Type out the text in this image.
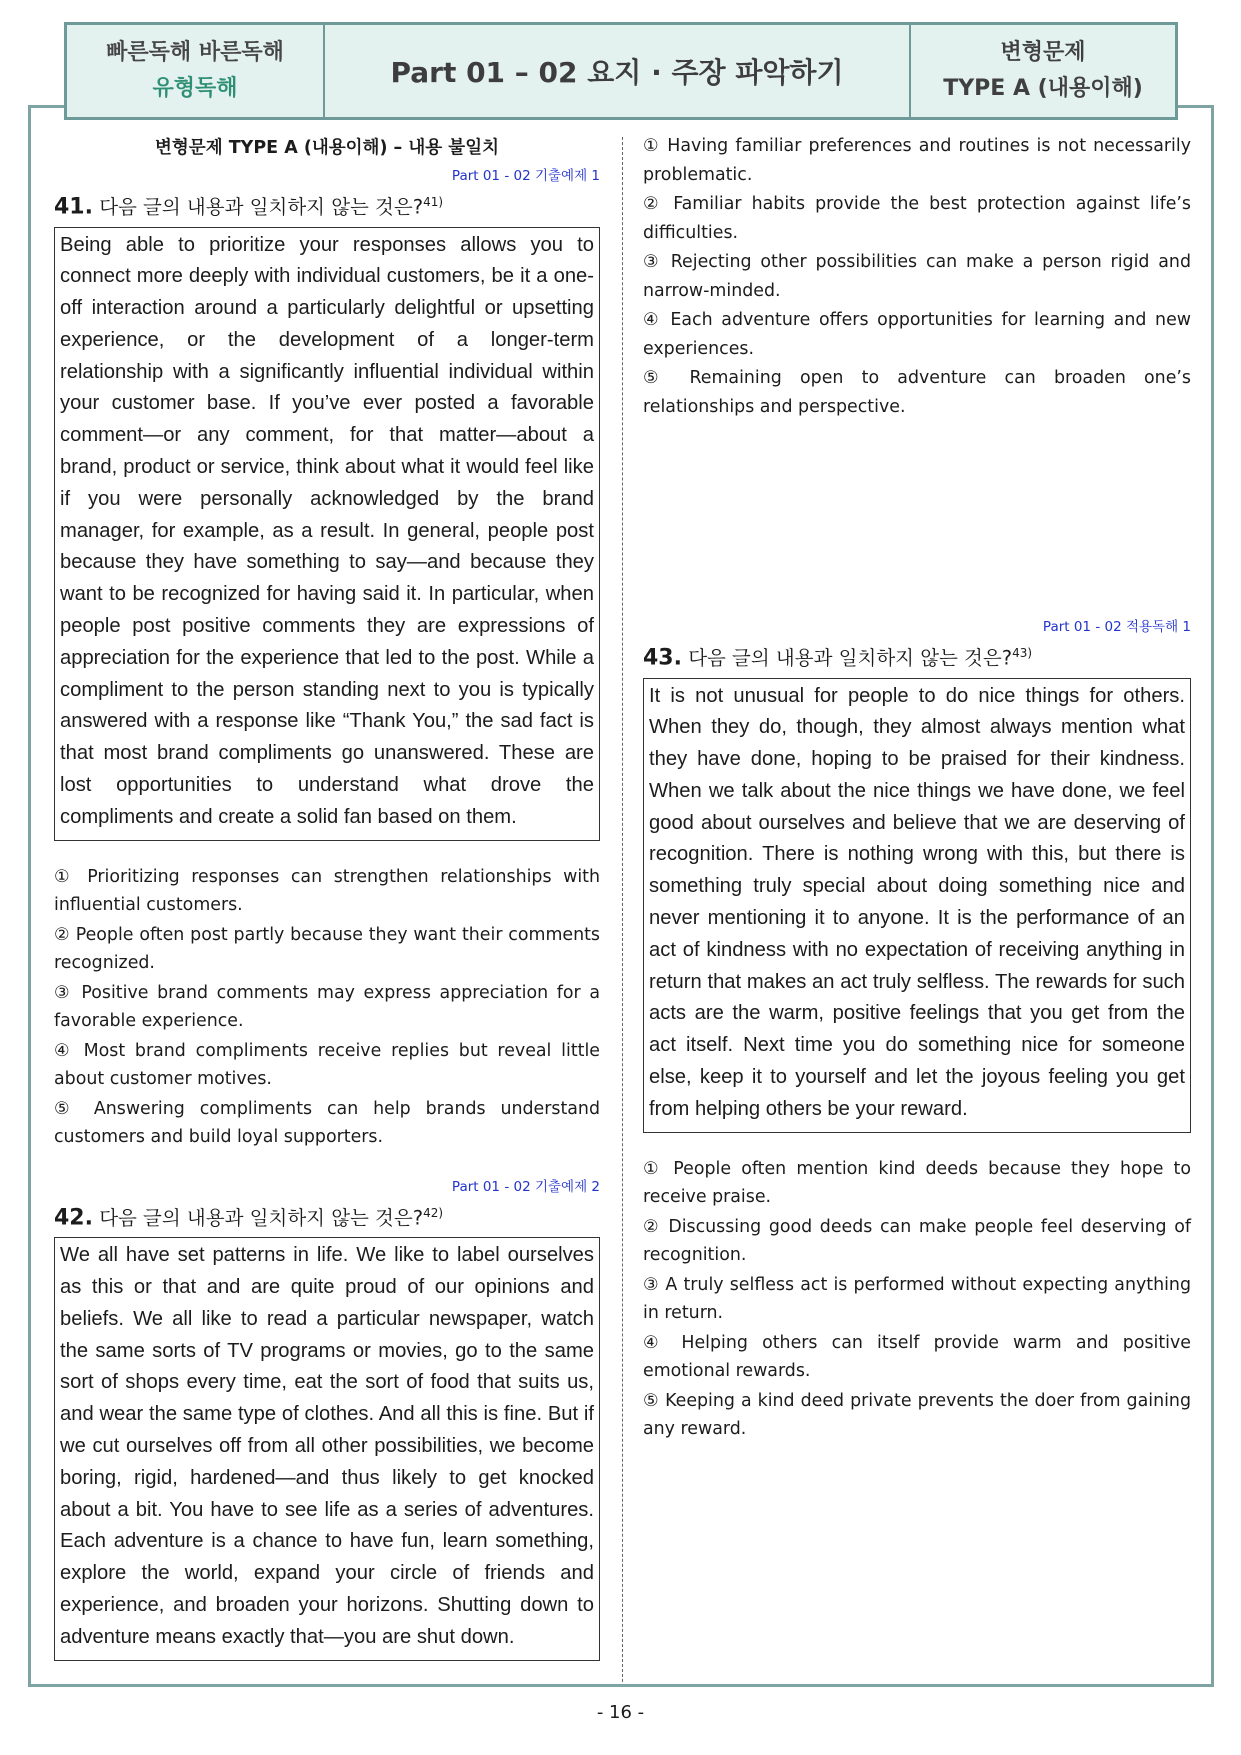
빠른독해 바른독해
유형독해	Part 01 – 02 요지 · 주장 파악하기
변형문제
TYPE A (내용이해)
변형문제 TYPE A (내용이해) – 내용 불일치

Part 01 - 02 기출예제 1

41. 다음 글의 내용과 일치하지 않는 것은?$^{41)}$

Being able to prioritize your responses allows you to connect more deeply with individual customers, be it a one-off interaction around a particularly delightful or upsetting experience, or the development of a longer-term relationship with a significantly influential individual within your customer base. If you’ve ever posted a favorable comment—or any comment, for that matter—about a brand, product or service, think about what it would feel like if you were personally acknowledged by the brand manager, for example, as a result. In general, people post because they have something to say—and because they want to be recognized for having said it. In particular, when people post positive comments they are expressions of appreciation for the experience that led to the post. While a compliment to the person standing next to you is typically answered with a response like “Thank You,” the sad fact is that most brand compliments go unanswered. These are lost opportunities to understand what drove the compliments and create a solid fan based on them.

① Prioritizing responses can strengthen relationships with influential customers.

② People often post partly because they want their comments recognized.

③ Positive brand comments may express appreciation for a favorable experience.

④ Most brand compliments receive replies but reveal little about customer motives.

⑤ Answering compliments can help brands understand customers and build loyal supporters.

Part 01 - 02 기출예제 2

42. 다음 글의 내용과 일치하지 않는 것은?$^{42)}$

We all have set patterns in life. We like to label ourselves as this or that and are quite proud of our opinions and beliefs. We all like to read a particular newspaper, watch the same sorts of TV programs or movies, go to the same sort of shops every time, eat the sort of food that suits us, and wear the same type of clothes. And all this is fine. But if we cut ourselves off from all other possibilities, we become boring, rigid, hardened—and thus likely to get knocked about a bit. You have to see life as a series of adventures. Each adventure is a chance to have fun, learn something, explore the world, expand your circle of friends and experience, and broaden your horizons. Shutting down to adventure means exactly that—you are shut down.

① Having familiar preferences and routines is not necessarily problematic.

② Familiar habits provide the best protection against life’s difficulties.

③ Rejecting other possibilities can make a person rigid and narrow-minded.

④ Each adventure offers opportunities for learning and new experiences.

⑤ Remaining open to adventure can broaden one’s relationships and perspective.

Part 01 - 02 적용독해 1

43. 다음 글의 내용과 일치하지 않는 것은?$^{43)}$

It is not unusual for people to do nice things for others. When they do, though, they almost always mention what they have done, hoping to be praised for their kindness. When we talk about the nice things we have done, we feel good about ourselves and believe that we are deserving of recognition. There is nothing wrong with this, but there is something truly special about doing something nice and never mentioning it to anyone. It is the performance of an act of kindness with no expectation of receiving anything in return that makes an act truly selfless. The rewards for such acts are the warm, positive feelings that you get from the act itself. Next time you do something nice for someone else, keep it to yourself and let the joyous feeling you get from helping others be your reward.

① People often mention kind deeds because they hope to receive praise.

② Discussing good deeds can make people feel deserving of recognition.

③ A truly selfless act is performed without expecting anything in return.

④ Helping others can itself provide warm and positive emotional rewards.

⑤ Keeping a kind deed private prevents the doer from gaining any reward.

- 16 -
